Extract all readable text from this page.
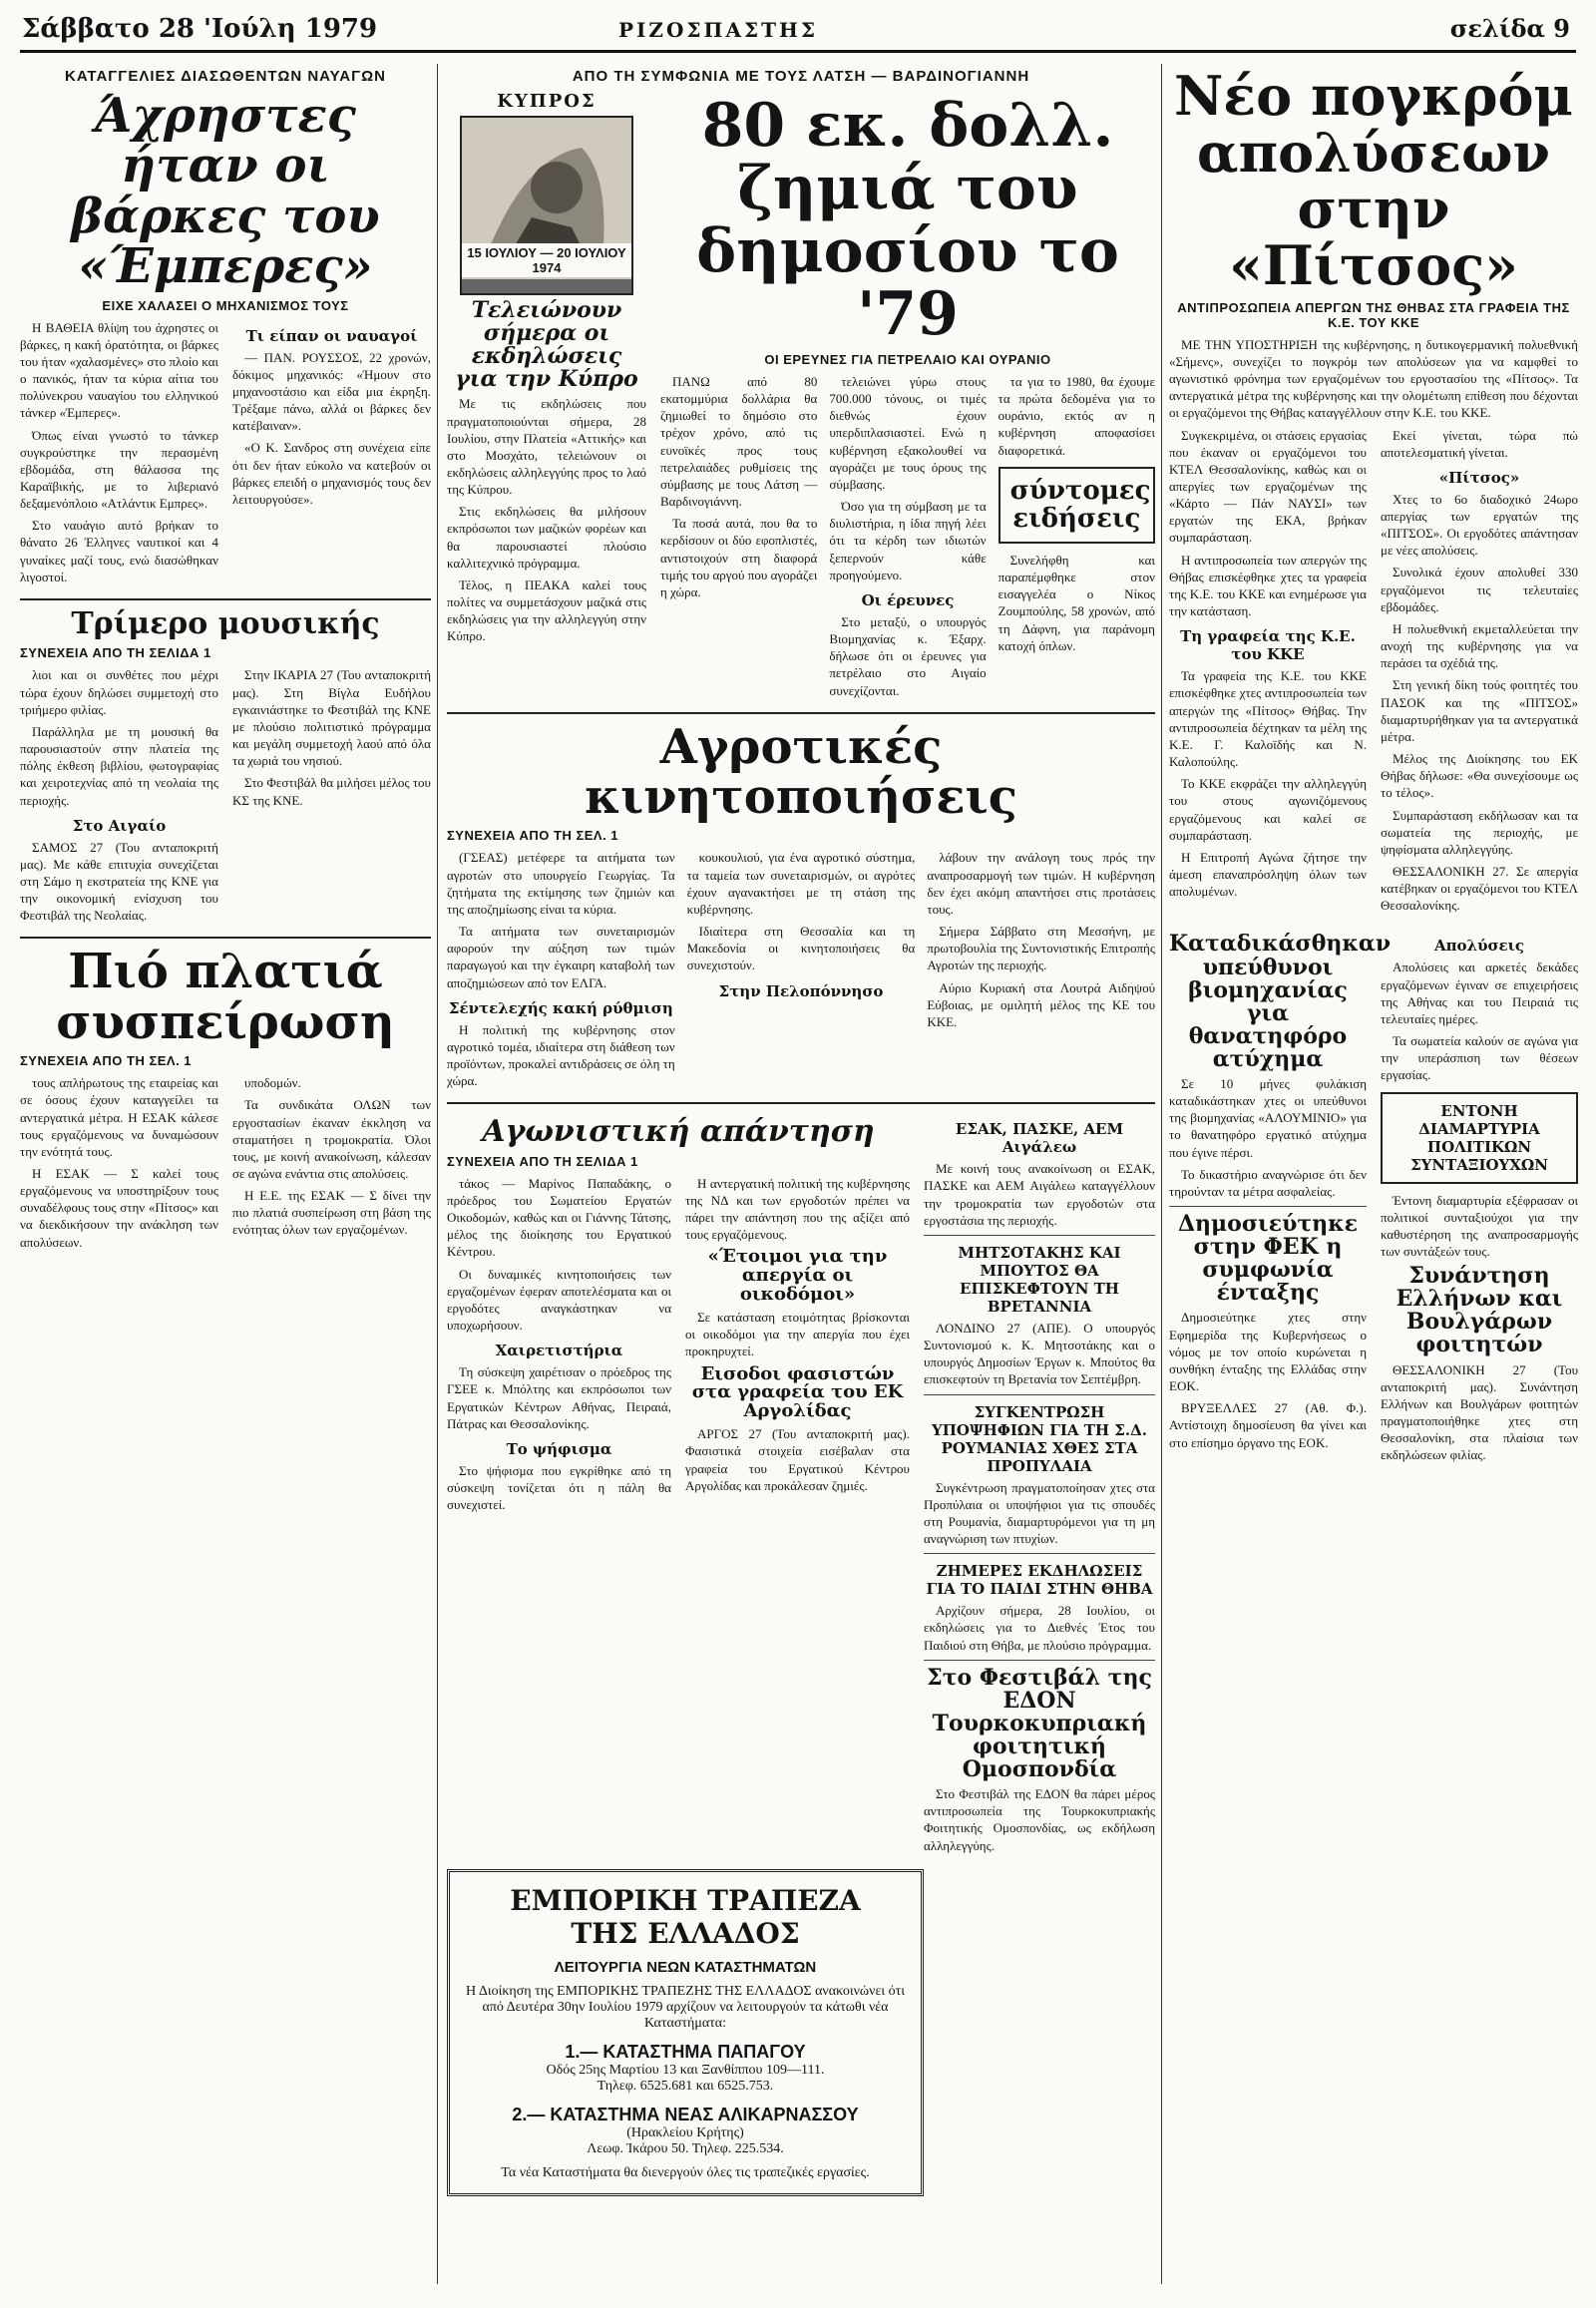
Σάββατο 28 'Ιούλη 1979	ΡΙΖΟΣΠΑΣΤΗΣ	σελίδα 9
ΚΑΤΑΓΓΕΛΙΕΣ ΔΙΑΣΩΘΕΝΤΩΝ ΝΑΥΑΓΩΝ
Άχρηστες ήταν οι βάρκες του «Έμπερες»
ΕΙΧΕ ΧΑΛΑΣΕΙ Ο ΜΗΧΑΝΙΣΜΟΣ ΤΟΥΣ

Η ΒΑΘΕΙΑ θλίψη του άχρηστες οι βάρκες, η κακή όρατότητα, οι βάρκες του ήταν «χαλασμένες» στο πλοίο και ο πανικός, ήταν τα κύρια αίτια του πολύνεκρου ναυαγίου του ελληνικού τάνκερ «Έμπερες».

Όπως είναι γνωστό το τάνκερ συγκρούστηκε την περασμένη εβδομάδα, στη θάλασσα της Καραϊβικής, με το λιβεριανό δεξαμενόπλοιο «Ατλάντικ Εμπρες».

Στο ναυάγιο αυτό βρήκαν το θάνατο 26 Έλληνες ναυτικοί και 4 γυναίκες μαζί τους, ενώ διασώθηκαν λιγοστοί.

Τι είπαν οι ναυαγοί

— ΠΑΝ. ΡΟΥΣΣΟΣ, 22 χρονών, δόκιμος μηχανικός: «Ήμουν στο μηχανοστάσιο και είδα μια έκρηξη. Τρέξαμε πάνω, αλλά οι βάρκες δεν κατέβαιναν».

«Ο Κ. Σανδρος στη συνέχεια είπε ότι δεν ήταν εύκολο να κατεβούν οι βάρκες επειδή ο μηχανισμός τους δεν λειτουργούσε».

Τρίμερο μουσικής
ΣΥΝΕΧΕΙΑ ΑΠΟ ΤΗ ΣΕΛΙΔΑ 1

λιοι και οι συνθέτες που μέχρι τώρα έχουν δηλώσει συμμετοχή στο τριήμερο φιλίας.

Παράλληλα με τη μουσική θα παρουσιαστούν στην πλατεία της πόλης έκθεση βιβλίου, φωτογραφίας και χειροτεχνίας από τη νεολαία της περιοχής.

Στο Αιγαίο

ΣΑΜΟΣ 27 (Του ανταποκριτή μας). Με κάθε επιτυχία συνεχίζεται στη Σάμο η εκστρατεία της ΚΝΕ για την οικονομική ενίσχυση του Φεστιβάλ της Νεολαίας.

Στην ΙΚΑΡΙΑ 27 (Του ανταποκριτή μας). Στη Βίγλα Ευδήλου εγκαινιάστηκε το Φεστιβάλ της ΚΝΕ με πλούσιο πολιτιστικό πρόγραμμα και μεγάλη συμμετοχή λαού από όλα τα χωριά του νησιού.

Στο Φεστιβάλ θα μιλήσει μέλος του ΚΣ της ΚΝΕ.

Πιό πλατιά συσπείρωση
ΣΥΝΕΧΕΙΑ ΑΠΟ ΤΗ ΣΕΛ. 1

τους απλήρωτους της εταιρείας και σε όσους έχουν καταγγείλει τα αντεργατικά μέτρα. Η ΕΣΑΚ κάλεσε τους εργαζόμενους να δυναμώσουν την ενότητά τους.

Η ΕΣΑΚ — Σ καλεί τους εργαζόμενους να υποστηρίξουν τους συναδέλφους τους στην «Πίτσος» και να διεκδικήσουν την ανάκληση των απολύσεων.

υποδομών.

Τα συνδικάτα ΟΛΩΝ των εργοστασίων έκαναν έκκληση να σταματήσει η τρομοκρατία. Όλοι τους, με κοινή ανακοίνωση, κάλεσαν σε αγώνα ενάντια στις απολύσεις.

Η Ε.Ε. της ΕΣΑΚ — Σ δίνει την πιο πλατιά συσπείρωση στη βάση της ενότητας όλων των εργαζομένων.

ΑΠΟ ΤΗ ΣΥΜΦΩΝΙΑ ΜΕ ΤΟΥΣ ΛΑΤΣΗ — ΒΑΡΔΙΝΟΓΙΑΝΝΗ
ΚΥΠΡΟΣ
15 ΙΟΥΛΙΟΥ — 20 ΙΟΥΛΙΟΥ 1974
Τελειώνουν σήμερα οι εκδηλώσεις για την Κύπρο

Με τις εκδηλώσεις που πραγματοποιούνται σήμερα, 28 Ιουλίου, στην Πλατεία «Αττικής» και στο Μοσχάτο, τελειώνουν οι εκδηλώσεις αλληλεγγύης προς το λαό της Κύπρου.

Στις εκδηλώσεις θα μιλήσουν εκπρόσωποι των μαζικών φορέων και θα παρουσιαστεί πλούσιο καλλιτεχνικό πρόγραμμα.

Τέλος, η ΠΕΑΚΑ καλεί τους πολίτες να συμμετάσχουν μαζικά στις εκδηλώσεις για την αλληλεγγύη στην Κύπρο.

80 εκ. δολλ. ζημιά του δημοσίου το '79
ΟΙ ΕΡΕΥΝΕΣ ΓΙΑ ΠΕΤΡΕΛΑΙΟ ΚΑΙ ΟΥΡΑΝΙΟ

ΠΑΝΩ από 80 εκατομμύρια δολλάρια θα ζημιωθεί το δημόσιο στο τρέχον χρόνο, από τις ευνοϊκές προς τους πετρελαιάδες ρυθμίσεις της σύμβασης με τους Λάτση — Βαρδινογιάννη.

Τα ποσά αυτά, που θα το κερδίσουν οι δύο εφοπλιστές, αντιστοιχούν στη διαφορά τιμής του αργού που αγοράζει η χώρα.

τελειώνει γύρω στους 700.000 τόνους, οι τιμές διεθνώς έχουν υπερδιπλασιαστεί. Ενώ η κυβέρνηση εξακολουθεί να αγοράζει με τους όρους της σύμβασης.

Όσο για τη σύμβαση με τα διυλιστήρια, η ίδια πηγή λέει ότι τα κέρδη των ιδιωτών ξεπερνούν κάθε προηγούμενο.

Οι έρευνες

Στο μεταξύ, ο υπουργός Βιομηχανίας κ. Έξαρχ. δήλωσε ότι οι έρευνες για πετρέλαιο στο Αιγαίο συνεχίζονται.

τα για το 1980, θα έχουμε τα πρώτα δεδομένα για το ουράνιο, εκτός αν η κυβέρνηση αποφασίσει διαφορετικά.

σύντομες ειδήσεις

Συνελήφθη και παραπέμφθηκε στον εισαγγελέα ο Νίκος Ζουμπούλης, 58 χρονών, από τη Δάφνη, για παράνομη κατοχή όπλων.

Αγροτικές κινητοποιήσεις
ΣΥΝΕΧΕΙΑ ΑΠΟ ΤΗ ΣΕΛ. 1

(ΓΣΕΑΣ) μετέφερε τα αιτήματα των αγροτών στο υπουργείο Γεωργίας. Τα ζητήματα της εκτίμησης των ζημιών και της αποζημίωσης είναι τα κύρια.

Τα αιτήματα των συνεταιρισμών αφορούν την αύξηση των τιμών παραγωγού και την έγκαιρη καταβολή των αποζημιώσεων από τον ΕΛΓΑ.

Σέντελεχής κακή ρύθμιση

Η πολιτική της κυβέρνησης στον αγροτικό τομέα, ιδιαίτερα στη διάθεση των προϊόντων, προκαλεί αντιδράσεις σε όλη τη χώρα.

κουκουλιού, για ένα αγροτικό σύστημα, τα ταμεία των συνεταιρισμών, οι αγρότες έχουν αγανακτήσει με τη στάση της κυβέρνησης.

Ιδιαίτερα στη Θεσσαλία και τη Μακεδονία οι κινητοποιήσεις θα συνεχιστούν.

Στην Πελοπόννησο

λάβουν την ανάλογη τους πρός την αναπροσαρμογή των τιμών. Η κυβέρνηση δεν έχει ακόμη απαντήσει στις προτάσεις τους.

Σήμερα Σάββατο στη Μεσσήνη, με πρωτοβουλία της Συντονιστικής Επιτροπής Αγροτών της περιοχής.

Αύριο Κυριακή στα Λουτρά Αιδηψού Εύβοιας, με ομιλητή μέλος της ΚΕ του ΚΚΕ.

Αγωνιστική απάντηση
ΣΥΝΕΧΕΙΑ ΑΠΟ ΤΗ ΣΕΛΙΔΑ 1

τάκος — Μαρίνος Παπαδάκης, ο πρόεδρος του Σωματείου Εργατών Οικοδομών, καθώς και οι Γιάννης Τάτσης, μέλος της διοίκησης του Εργατικού Κέντρου.

Οι δυναμικές κινητοποιήσεις των εργαζομένων έφεραν αποτελέσματα και οι εργοδότες αναγκάστηκαν να υποχωρήσουν.

Χαιρετιστήρια

Τη σύσκεψη χαιρέτισαν ο πρόεδρος της ΓΣΕΕ κ. Μπόλτης και εκπρόσωποι των Εργατικών Κέντρων Αθήνας, Πειραιά, Πάτρας και Θεσσαλονίκης.

Το ψήφισμα

Στο ψήφισμα που εγκρίθηκε από τη σύσκεψη τονίζεται ότι η πάλη θα συνεχιστεί.

Η αντεργατική πολιτική της κυβέρνησης της ΝΔ και των εργοδοτών πρέπει να πάρει την απάντηση που της αξίζει από τους εργαζόμενους.

«Έτοιμοι για την απεργία οι οικοδόμοι»

Σε κατάσταση ετοιμότητας βρίσκονται οι οικοδόμοι για την απεργία που έχει προκηρυχτεί.

Εισοδοι φασιστών στα γραφεία του ΕΚ Αργολίδας

ΑΡΓΟΣ 27 (Του ανταποκριτή μας). Φασιστικά στοιχεία εισέβαλαν στα γραφεία του Εργατικού Κέντρου Αργολίδας και προκάλεσαν ζημιές.

ΕΣΑΚ, ΠΑΣΚΕ, ΑΕΜ Αιγάλεω

Με κοινή τους ανακοίνωση οι ΕΣΑΚ, ΠΑΣΚΕ και ΑΕΜ Αιγάλεω καταγγέλλουν την τρομοκρατία των εργοδοτών στα εργοστάσια της περιοχής.

ΜΗΤΣΟΤΑΚΗΣ ΚΑΙ ΜΠΟΥΤΟΣ ΘΑ ΕΠΙΣΚΕΦΤΟΥΝ ΤΗ ΒΡΕΤΑΝΝΙΑ

ΛΟΝΔΙΝΟ 27 (ΑΠΕ). Ο υπουργός Συντονισμού κ. Κ. Μητσοτάκης και ο υπουργός Δημοσίων Έργων κ. Μπούτος θα επισκεφτούν τη Βρετανία τον Σεπτέμβρη.

ΣΥΓΚΕΝΤΡΩΣΗ ΥΠΟΨΗΦΙΩΝ ΓΙΑ ΤΗ Σ.Δ. ΡΟΥΜΑΝΙΑΣ ΧΘΕΣ ΣΤΑ ΠΡΟΠΥΛΑΙΑ

Συγκέντρωση πραγματοποίησαν χτες στα Προπύλαια οι υποψήφιοι για τις σπουδές στη Ρουμανία, διαμαρτυρόμενοι για τη μη αναγνώριση των πτυχίων.

ΖΗΜΕΡΕΣ ΕΚΔΗΛΩΣΕΙΣ ΓΙΑ ΤΟ ΠΑΙΔΙ ΣΤΗΝ ΘΗΒΑ

Αρχίζουν σήμερα, 28 Ιουλίου, οι εκδηλώσεις για το Διεθνές Έτος του Παιδιού στη Θήβα, με πλούσιο πρόγραμμα.

Στο Φεστιβάλ της ΕΔΟΝ Τουρκοκυπριακή φοιτητική Ομοσπονδία

Στο Φεστιβάλ της ΕΔΟΝ θα πάρει μέρος αντιπροσωπεία της Τουρκοκυπριακής Φοιτητικής Ομοσπονδίας, ως εκδήλωση αλληλεγγύης.

ΕΜΠΟΡΙΚΗ ΤΡΑΠΕΖΑ
ΤΗΣ ΕΛΛΑΔΟΣ
ΛΕΙΤΟΥΡΓΙΑ ΝΕΩΝ ΚΑΤΑΣΤΗΜΑΤΩΝ
Η Διοίκηση της ΕΜΠΟΡΙΚΗΣ ΤΡΑΠΕΖΗΣ ΤΗΣ ΕΛΛΑΔΟΣ ανακοινώνει ότι από Δευτέρα 30ην Ιουλίου 1979 αρχίζουν να λειτουργούν τα κάτωθι νέα Καταστήματα:
1.— ΚΑΤΑΣΤΗΜΑ ΠΑΠΑΓΟΥ
Οδός 25ης Μαρτίου 13 και Ξανθίππου 109—111.
Τηλεφ. 6525.681 και 6525.753.
2.— ΚΑΤΑΣΤΗΜΑ ΝΕΑΣ ΑΛΙΚΑΡΝΑΣΣΟΥ
(Ηρακλείου Κρήτης)
Λεωφ. Ίκάρου 50. Τηλεφ. 225.534.
Τα νέα Καταστήματα θα διενεργούν όλες τις τραπεζικές εργασίες.
Νέο πογκρόμ απολύσεων στην «Πίτσος»
ΑΝΤΙΠΡΟΣΩΠΕΙΑ ΑΠΕΡΓΩΝ ΤΗΣ ΘΗΒΑΣ ΣΤΑ ΓΡΑΦΕΙΑ ΤΗΣ Κ.Ε. ΤΟΥ ΚΚΕ

ΜΕ ΤΗΝ ΥΠΟΣΤΗΡΙΞΗ της κυβέρνησης, η δυτικογερμανική πολυεθνική «Σήμενς», συνεχίζει το πογκρόμ των απολύσεων για να καμφθεί το αγωνιστικό φρόνημα των εργαζομένων του εργοστασίου της «Πίτσος». Τα αντεργατικά μέτρα της κυβέρνησης και την ολομέτωπη επίθεση που δέχονται οι εργαζόμενοι της Θήβας καταγγέλλουν στην Κ.Ε. του ΚΚΕ.

Συγκεκριμένα, οι στάσεις εργασίας που έκαναν οι εργαζόμενοι του ΚΤΕΛ Θεσσαλονίκης, καθώς και οι απεργίες των εργαζομένων της «Κάρτο — Πάν ΝΑΥΣΙ» των εργατών της ΕΚΑ, βρήκαν συμπαράσταση.

Η αντιπροσωπεία των απεργών της Θήβας επισκέφθηκε χτες τα γραφεία της Κ.Ε. του ΚΚΕ και ενημέρωσε για την κατάσταση.

Τη γραφεία της Κ.Ε. του ΚΚΕ

Τα γραφεία της Κ.Ε. του ΚΚΕ επισκέφθηκε χτες αντιπροσωπεία των απεργών της «Πίτσος» Θήβας. Την αντιπροσωπεία δέχτηκαν τα μέλη της Κ.Ε. Γ. Καλοϊδής και Ν. Καλοπούλης.

Το ΚΚΕ εκφράζει την αλληλεγγύη του στους αγωνιζόμενους εργαζόμενους και καλεί σε συμπαράσταση.

Η Επιτροπή Αγώνα ζήτησε την άμεση επαναπρόσληψη όλων των απολυμένων.

Εκεί γίνεται, τώρα πώ αποτελεσματική γίνεται.

«Πίτσος»

Χτες το 6ο διαδοχικό 24ωρο απεργίας των εργατών της «ΠΙΤΣΟΣ». Οι εργοδότες απάντησαν με νέες απολύσεις.

Συνολικά έχουν απολυθεί 330 εργαζόμενοι τις τελευταίες εβδομάδες.

Η πολυεθνική εκμεταλλεύεται την ανοχή της κυβέρνησης για να περάσει τα σχέδιά της.

Στη γενική δίκη τούς φοιτητές του ΠΑΣΟΚ και της «ΠΙΤΣΟΣ» διαμαρτυρήθηκαν για τα αντεργατικά μέτρα.

Μέλος της Διοίκησης του ΕΚ Θήβας δήλωσε: «Θα συνεχίσουμε ως το τέλος».

Συμπαράσταση εκδήλωσαν και τα σωματεία της περιοχής, με ψηφίσματα αλληλεγγύης.

ΘΕΣΣΑΛΟΝΙΚΗ 27. Σε απεργία κατέβηκαν οι εργαζόμενοι του ΚΤΕΛ Θεσσαλονίκης.

Καταδικάσθηκαν υπεύθυνοι βιομηχανίας για θανατηφόρο ατύχημα

Σε 10 μήνες φυλάκιση καταδικάστηκαν χτες οι υπεύθυνοι της βιομηχανίας «ΑΛΟΥΜΙΝΙΟ» για το θανατηφόρο εργατικό ατύχημα που έγινε πέρσι.

Το δικαστήριο αναγνώρισε ότι δεν τηρούνταν τα μέτρα ασφαλείας.

Δημοσιεύτηκε στην ΦΕΚ η συμφωνία ένταξης

Δημοσιεύτηκε χτες στην Εφημερίδα της Κυβερνήσεως ο νόμος με τον οποίο κυρώνεται η συνθήκη ένταξης της Ελλάδας στην ΕΟΚ.

ΒΡΥΞΕΛΛΕΣ 27 (Αθ. Φ.). Αντίστοιχη δημοσίευση θα γίνει και στο επίσημο όργανο της ΕΟΚ.

Απολύσεις

Απολύσεις και αρκετές δεκάδες εργαζόμενων έγιναν σε επιχειρήσεις της Αθήνας και του Πειραιά τις τελευταίες ημέρες.

Τα σωματεία καλούν σε αγώνα για την υπεράσπιση των θέσεων εργασίας.

ΕΝΤΟΝΗ ΔΙΑΜΑΡΤΥΡΙΑ ΠΟΛΙΤΙΚΩΝ ΣΥΝΤΑΞΙΟΥΧΩΝ

Έντονη διαμαρτυρία εξέφρασαν οι πολιτικοί συνταξιούχοι για την καθυστέρηση της αναπροσαρμογής των συντάξεών τους.

Συνάντηση Ελλήνων και Βουλγάρων φοιτητών

ΘΕΣΣΑΛΟΝΙΚΗ 27 (Του ανταποκριτή μας). Συνάντηση Ελλήνων και Βουλγάρων φοιτητών πραγματοποιήθηκε χτες στη Θεσσαλονίκη, στα πλαίσια των εκδηλώσεων φιλίας.
